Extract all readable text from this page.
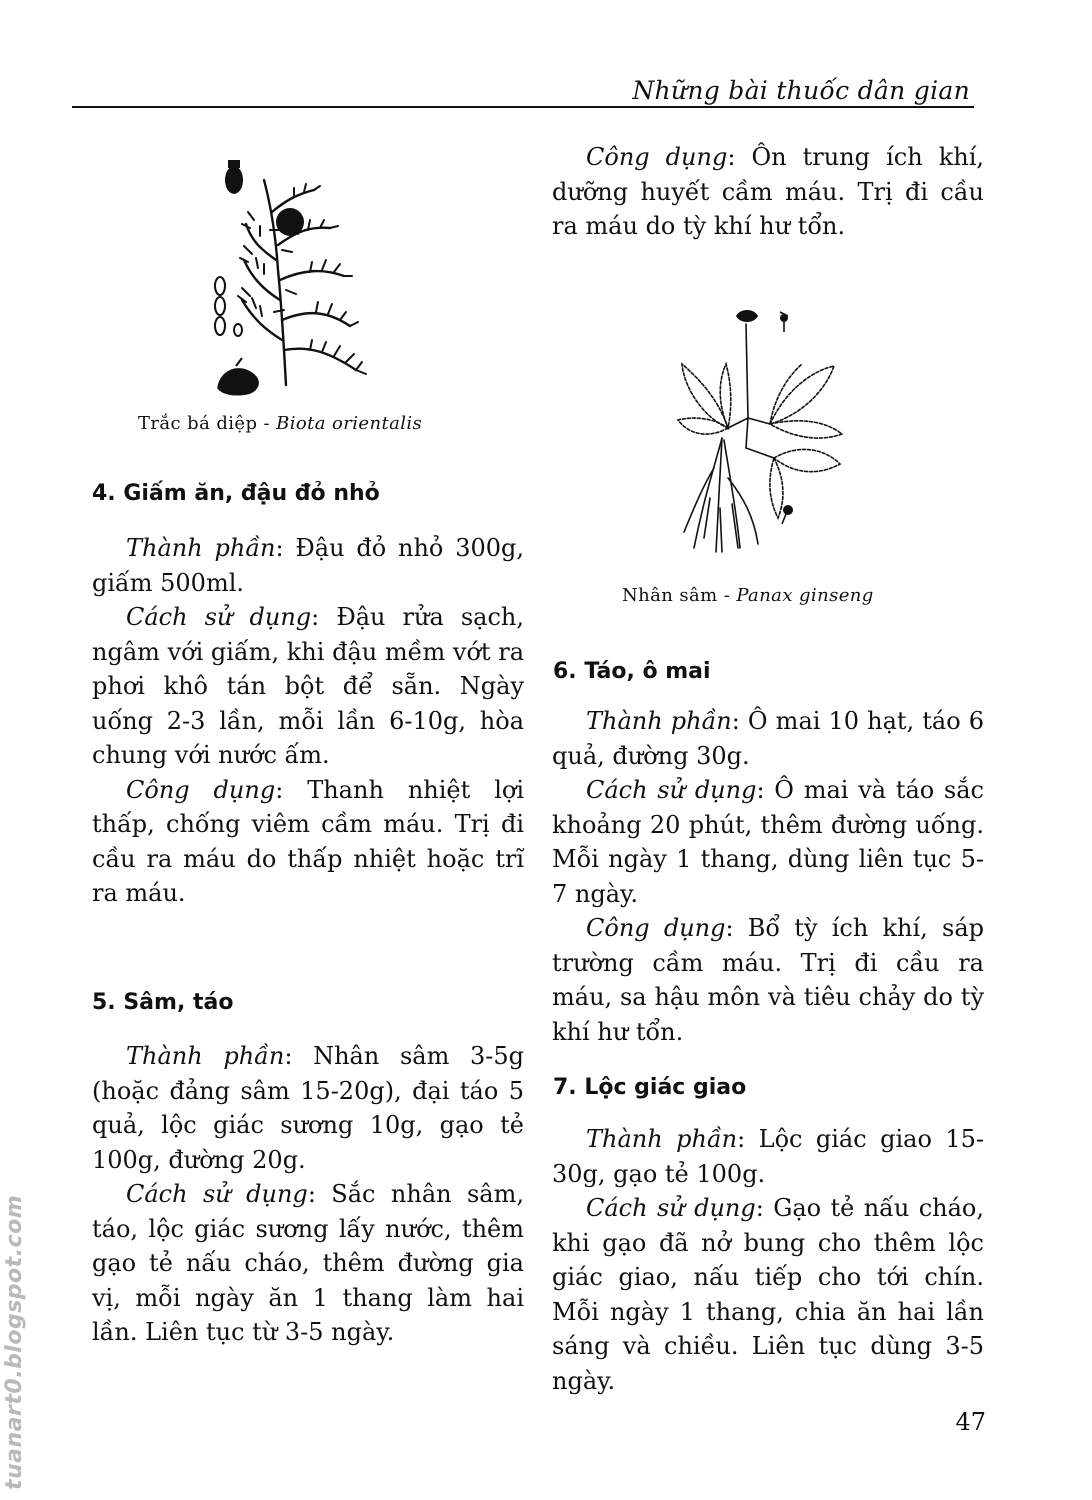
Những bài thuốc dân gian
Trắc bá diệp - Biota orientalis
4. Giấm ăn, đậu đỏ nhỏ

Thành phần: Đậu đỏ nhỏ 300g, giấm 500ml.

Cách sử dụng: Đậu rửa sạch, ngâm với giấm, khi đậu mềm vớt ra phơi khô tán bột để sẵn. Ngày uống 2-3 lần, mỗi lần 6-10g, hòa chung với nước ấm.

Công dụng: Thanh nhiệt lợi thấp, chống viêm cầm máu. Trị đi cầu ra máu do thấp nhiệt hoặc trĩ ra máu.

5. Sâm, táo

Thành phần: Nhân sâm 3-5g (hoặc đảng sâm 15-20g), đại táo 5 quả, lộc giác sương 10g, gạo tẻ 100g, đường 20g.

Cách sử dụng: Sắc nhân sâm, táo, lộc giác sương lấy nước, thêm gạo tẻ nấu cháo, thêm đường gia vị, mỗi ngày ăn 1 thang làm hai lần. Liên tục từ 3-5 ngày.

Công dụng: Ôn trung ích khí, dưỡng huyết cầm máu. Trị đi cầu ra máu do tỳ khí hư tổn.

Nhân sâm - Panax ginseng
6. Táo, ô mai

Thành phần: Ô mai 10 hạt, táo 6 quả, đường 30g.

Cách sử dụng: Ô mai và táo sắc khoảng 20 phút, thêm đường uống. Mỗi ngày 1 thang, dùng liên tục 5-7 ngày.

Công dụng: Bổ tỳ ích khí, sáp trường cầm máu. Trị đi cầu ra máu, sa hậu môn và tiêu chảy do tỳ khí hư tổn.

7. Lộc giác giao

Thành phần: Lộc giác giao 15-30g, gạo tẻ 100g.

Cách sử dụng: Gạo tẻ nấu cháo, khi gạo đã nở bung cho thêm lộc giác giao, nấu tiếp cho tới chín. Mỗi ngày 1 thang, chia ăn hai lần sáng và chiều. Liên tục dùng 3-5 ngày.

47
tuanart0.blogspot.com
